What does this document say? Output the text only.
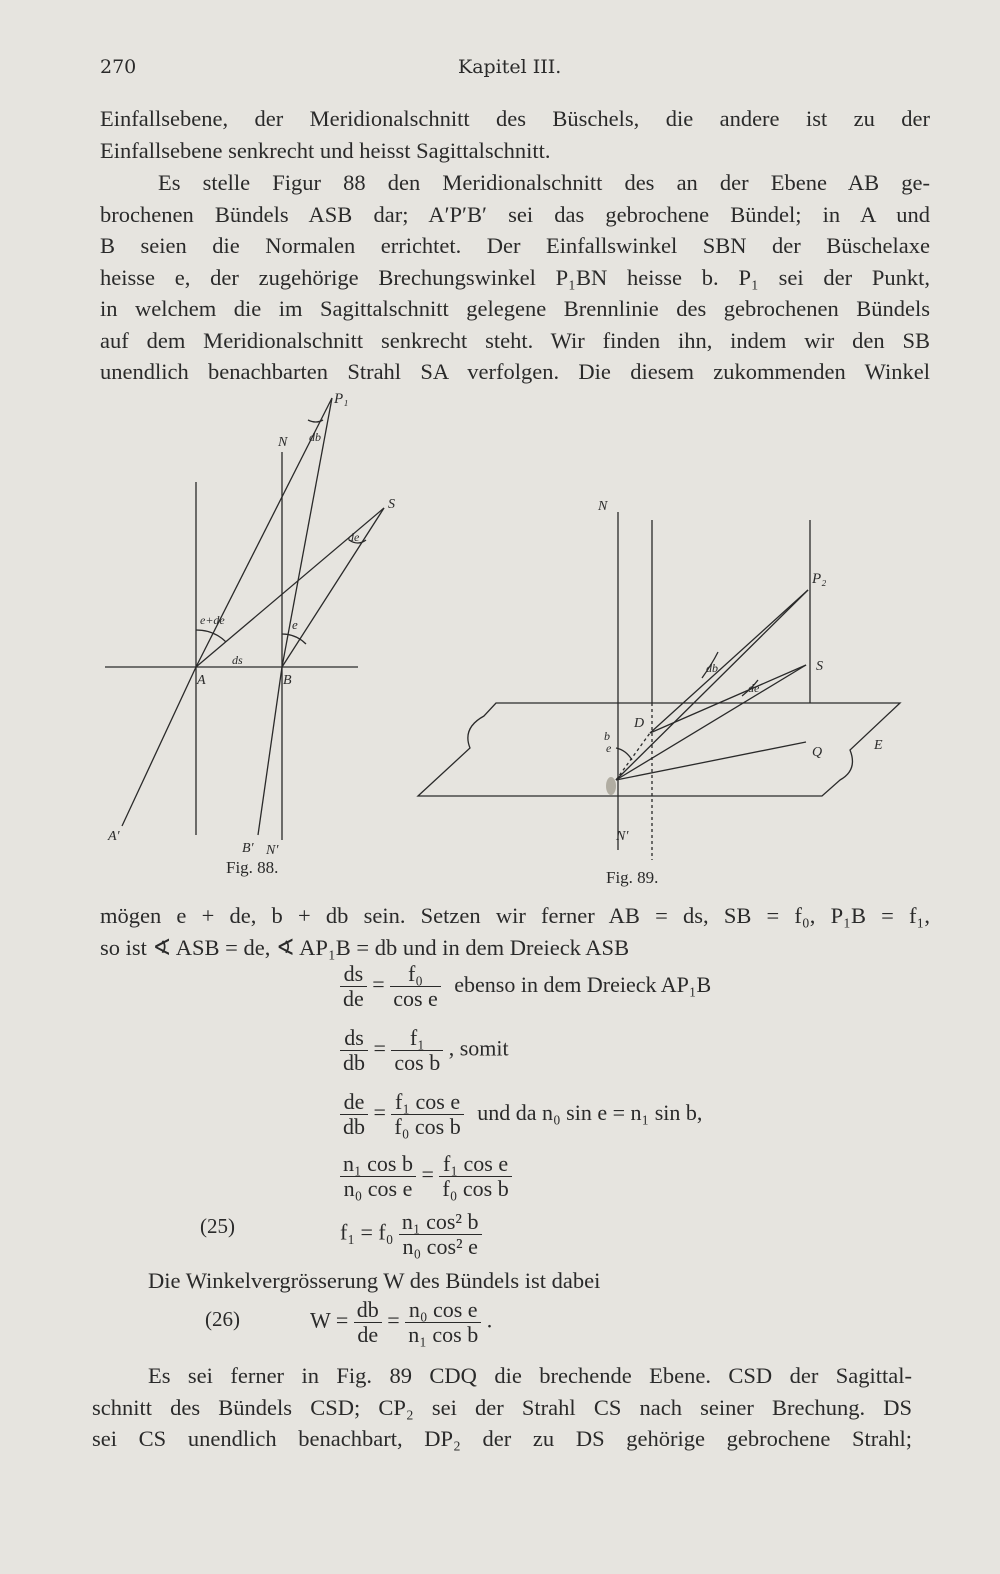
270	Kapitel III.
Einfallsebene, der Meridionalschnitt des Büschels, die andere ist zu der
Einfallsebene senkrecht und heisst Sagittalschnitt.
Es stelle Figur 88 den Meridionalschnitt des an der Ebene AB ge-
brochenen Bündels ASB dar; A′P′B′ sei das gebrochene Bündel; in A und
B seien die Normalen errichtet. Der Einfallswinkel SBN der Büschelaxe
heisse e, der zugehörige Brechungswinkel P₁BN heisse b. P₁ sei der Punkt,
in welchem die im Sagittalschnitt gelegene Brennlinie des gebrochenen Bündels
auf dem Meridionalschnitt senkrecht steht. Wir finden ihn, indem wir den SB
unendlich benachbarten Strahl SA verfolgen. Die diesem zukommenden Winkel
P₁
N db
S
de
e+de	e
ds
A	B
A′
B′ N′
Fig. 88.
N
P₂
S
db
de
D
b
e	Q	E
N′
Fig. 89.
mögen e + de, b + db sein. Setzen wir ferner AB = ds, SB = f₀, P₁B = f₁,
so ist ∢ ASB = de, ∢ AP₁B = db und in dem Dreieck ASB
$\frac{ds}{de} = \frac{\text{f₀}}{\text{cos e}}$ ebenso in dem Dreieck AP₁B
$\frac{ds}{db} = \frac{\text{f₁}}{\text{cos b}}$ , somit
$\frac{de}{db} = \frac{\text{f₁ cos e}}{\text{f₀ cos b}}$ und da n₀ sin e = n₁ sin b,
$\frac{\text{n₁ cos b}}{\text{n₀ cos e}} = \frac{\text{f₁ cos e}}{\text{f₀ cos b}}$
(25)	$f_1 = f_0 \frac{\text{n₁ cos² b}}{\text{n₀ cos² e}}$
Die Winkelvergrösserung W des Bündels ist dabei
(26)	$W = \frac{db}{de} = \frac{\text{n₀ cos e}}{\text{n₁ cos b}}$ .
Es sei ferner in Fig. 89 CDQ die brechende Ebene. CSD der Sagittal-
schnitt des Bündels CSD; CP₂ sei der Strahl CS nach seiner Brechung. DS
sei CS unendlich benachbart, DP₂ der zu DS gehörige gebrochene Strahl;
